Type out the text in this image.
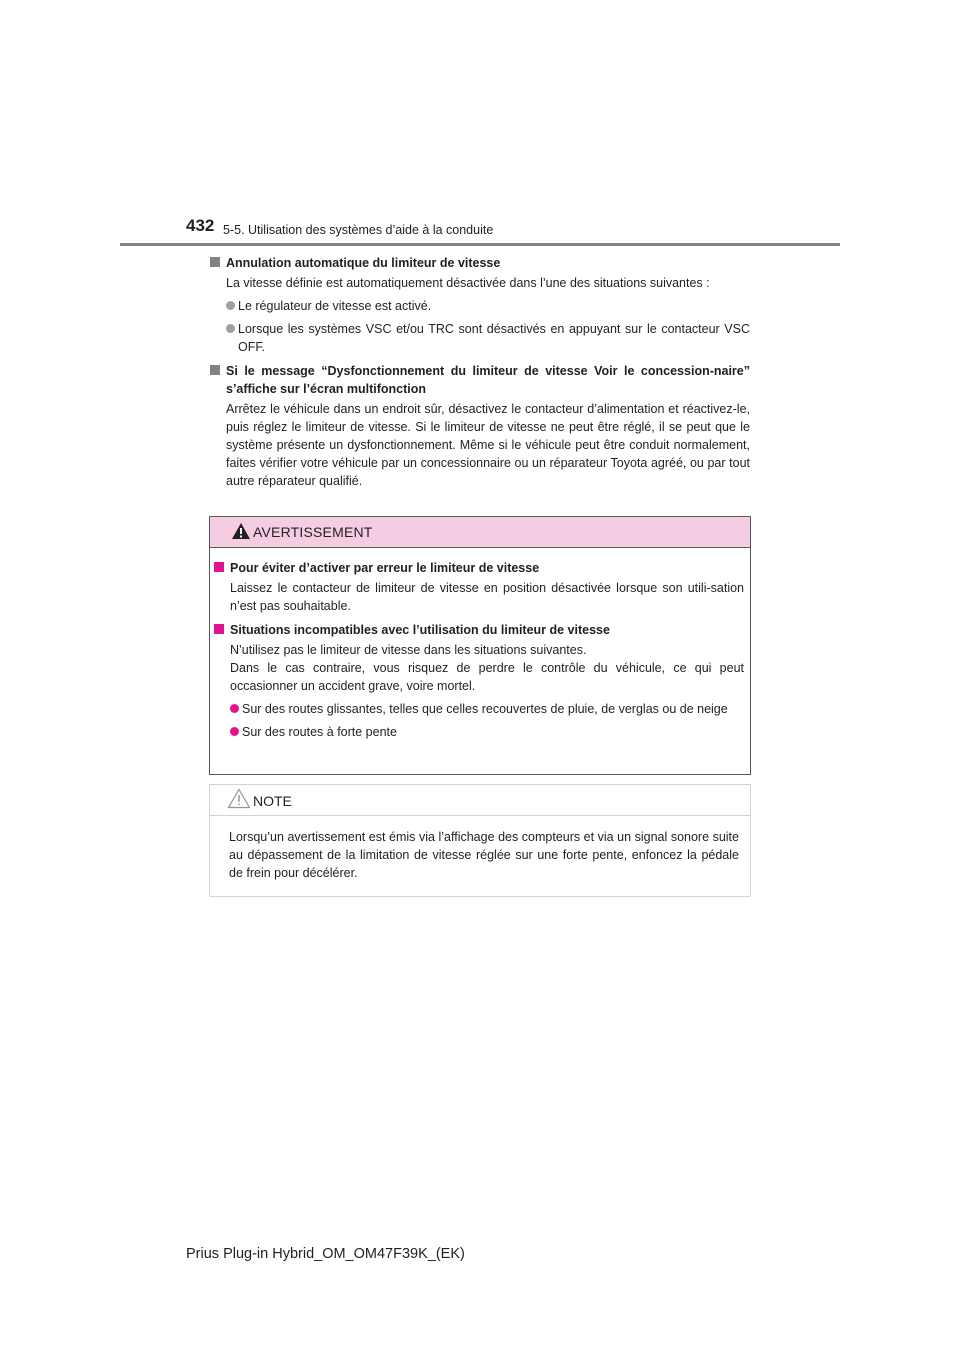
432 5-5. Utilisation des systèmes d’aide à la conduite
Annulation automatique du limiteur de vitesse
La vitesse définie est automatiquement désactivée dans l’une des situations suivantes :
Le régulateur de vitesse est activé.
Lorsque les systèmes VSC et/ou TRC sont désactivés en appuyant sur le contacteur VSC OFF.
Si le message “Dysfonctionnement du limiteur de vitesse Voir le concession-naire” s’affiche sur l’écran multifonction
Arrêtez le véhicule dans un endroit sûr, désactivez le contacteur d’alimentation et réactivez-le, puis réglez le limiteur de vitesse. Si le limiteur de vitesse ne peut être réglé, il se peut que le système présente un dysfonctionnement. Même si le véhicule peut être conduit normalement, faites vérifier votre véhicule par un concessionnaire ou un réparateur Toyota agréé, ou par tout autre réparateur qualifié.
AVERTISSEMENT
Pour éviter d’activer par erreur le limiteur de vitesse
Laissez le contacteur de limiteur de vitesse en position désactivée lorsque son utili-sation n’est pas souhaitable.
Situations incompatibles avec l’utilisation du limiteur de vitesse
N’utilisez pas le limiteur de vitesse dans les situations suivantes.
Dans le cas contraire, vous risquez de perdre le contrôle du véhicule, ce qui peut occasionner un accident grave, voire mortel.
Sur des routes glissantes, telles que celles recouvertes de pluie, de verglas ou de neige
Sur des routes à forte pente
NOTE
Lorsqu’un avertissement est émis via l’affichage des compteurs et via un signal sonore suite au dépassement de la limitation de vitesse réglée sur une forte pente, enfoncez la pédale de frein pour décélérer.
Prius Plug-in Hybrid_OM_OM47F39K_(EK)
